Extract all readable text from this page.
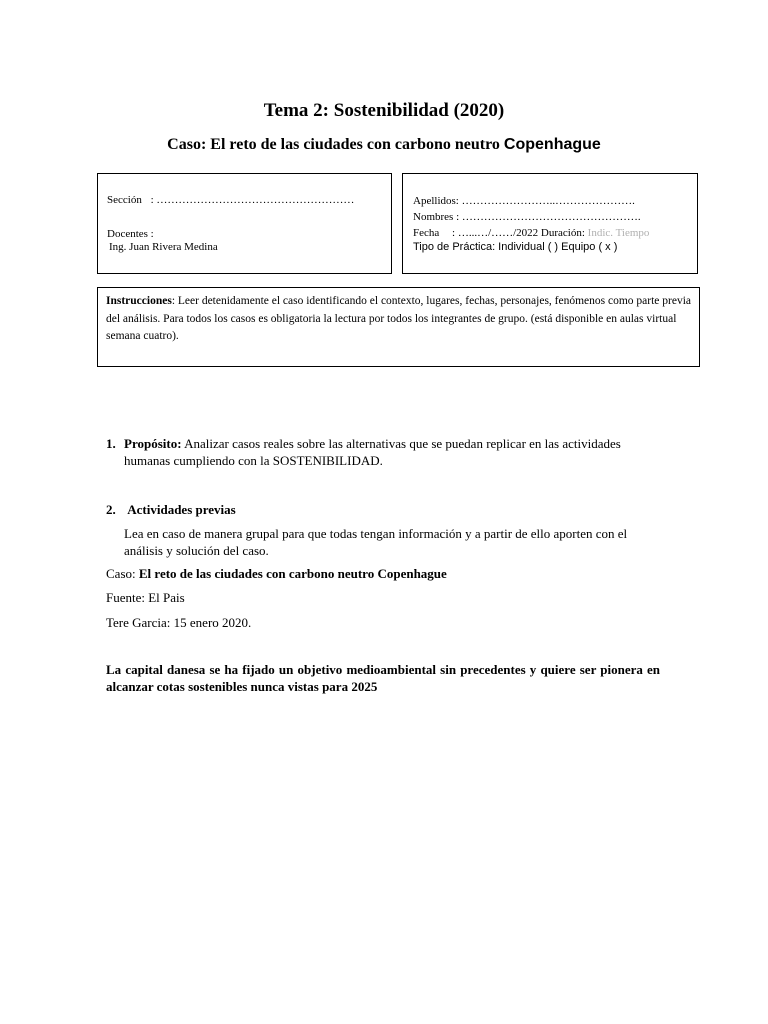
Tema 2: Sostenibilidad (2020)
Caso: El reto de las ciudades con carbono neutro Copenhague
Sección : ………………………………………………
Docentes :
Ing. Juan Rivera Medina
Apellidos: ……………………..………………….
Nombres : ………………………………………….
Fecha : …...…/……/2022 Duración: Indic. Tiempo
Tipo de Práctica: Individual ( ) Equipo ( x )
Instrucciones: Leer detenidamente el caso identificando el contexto, lugares, fechas, personajes, fenómenos como parte previa del análisis. Para todos los casos es obligatoria la lectura por todos los integrantes de grupo. (está disponible en aulas virtual semana cuatro).
1. Propósito: Analizar casos reales sobre las alternativas que se puedan replicar en las actividades humanas cumpliendo con la SOSTENIBILIDAD.
2. Actividades previas
Lea en caso de manera grupal para que todas tengan información y a partir de ello aporten con el análisis y solución del caso.
Caso: El reto de las ciudades con carbono neutro Copenhague
Fuente: El Pais
Tere Garcia: 15 enero 2020.
La capital danesa se ha fijado un objetivo medioambiental sin precedentes y quiere ser pionera en alcanzar cotas sostenibles nunca vistas para 2025
